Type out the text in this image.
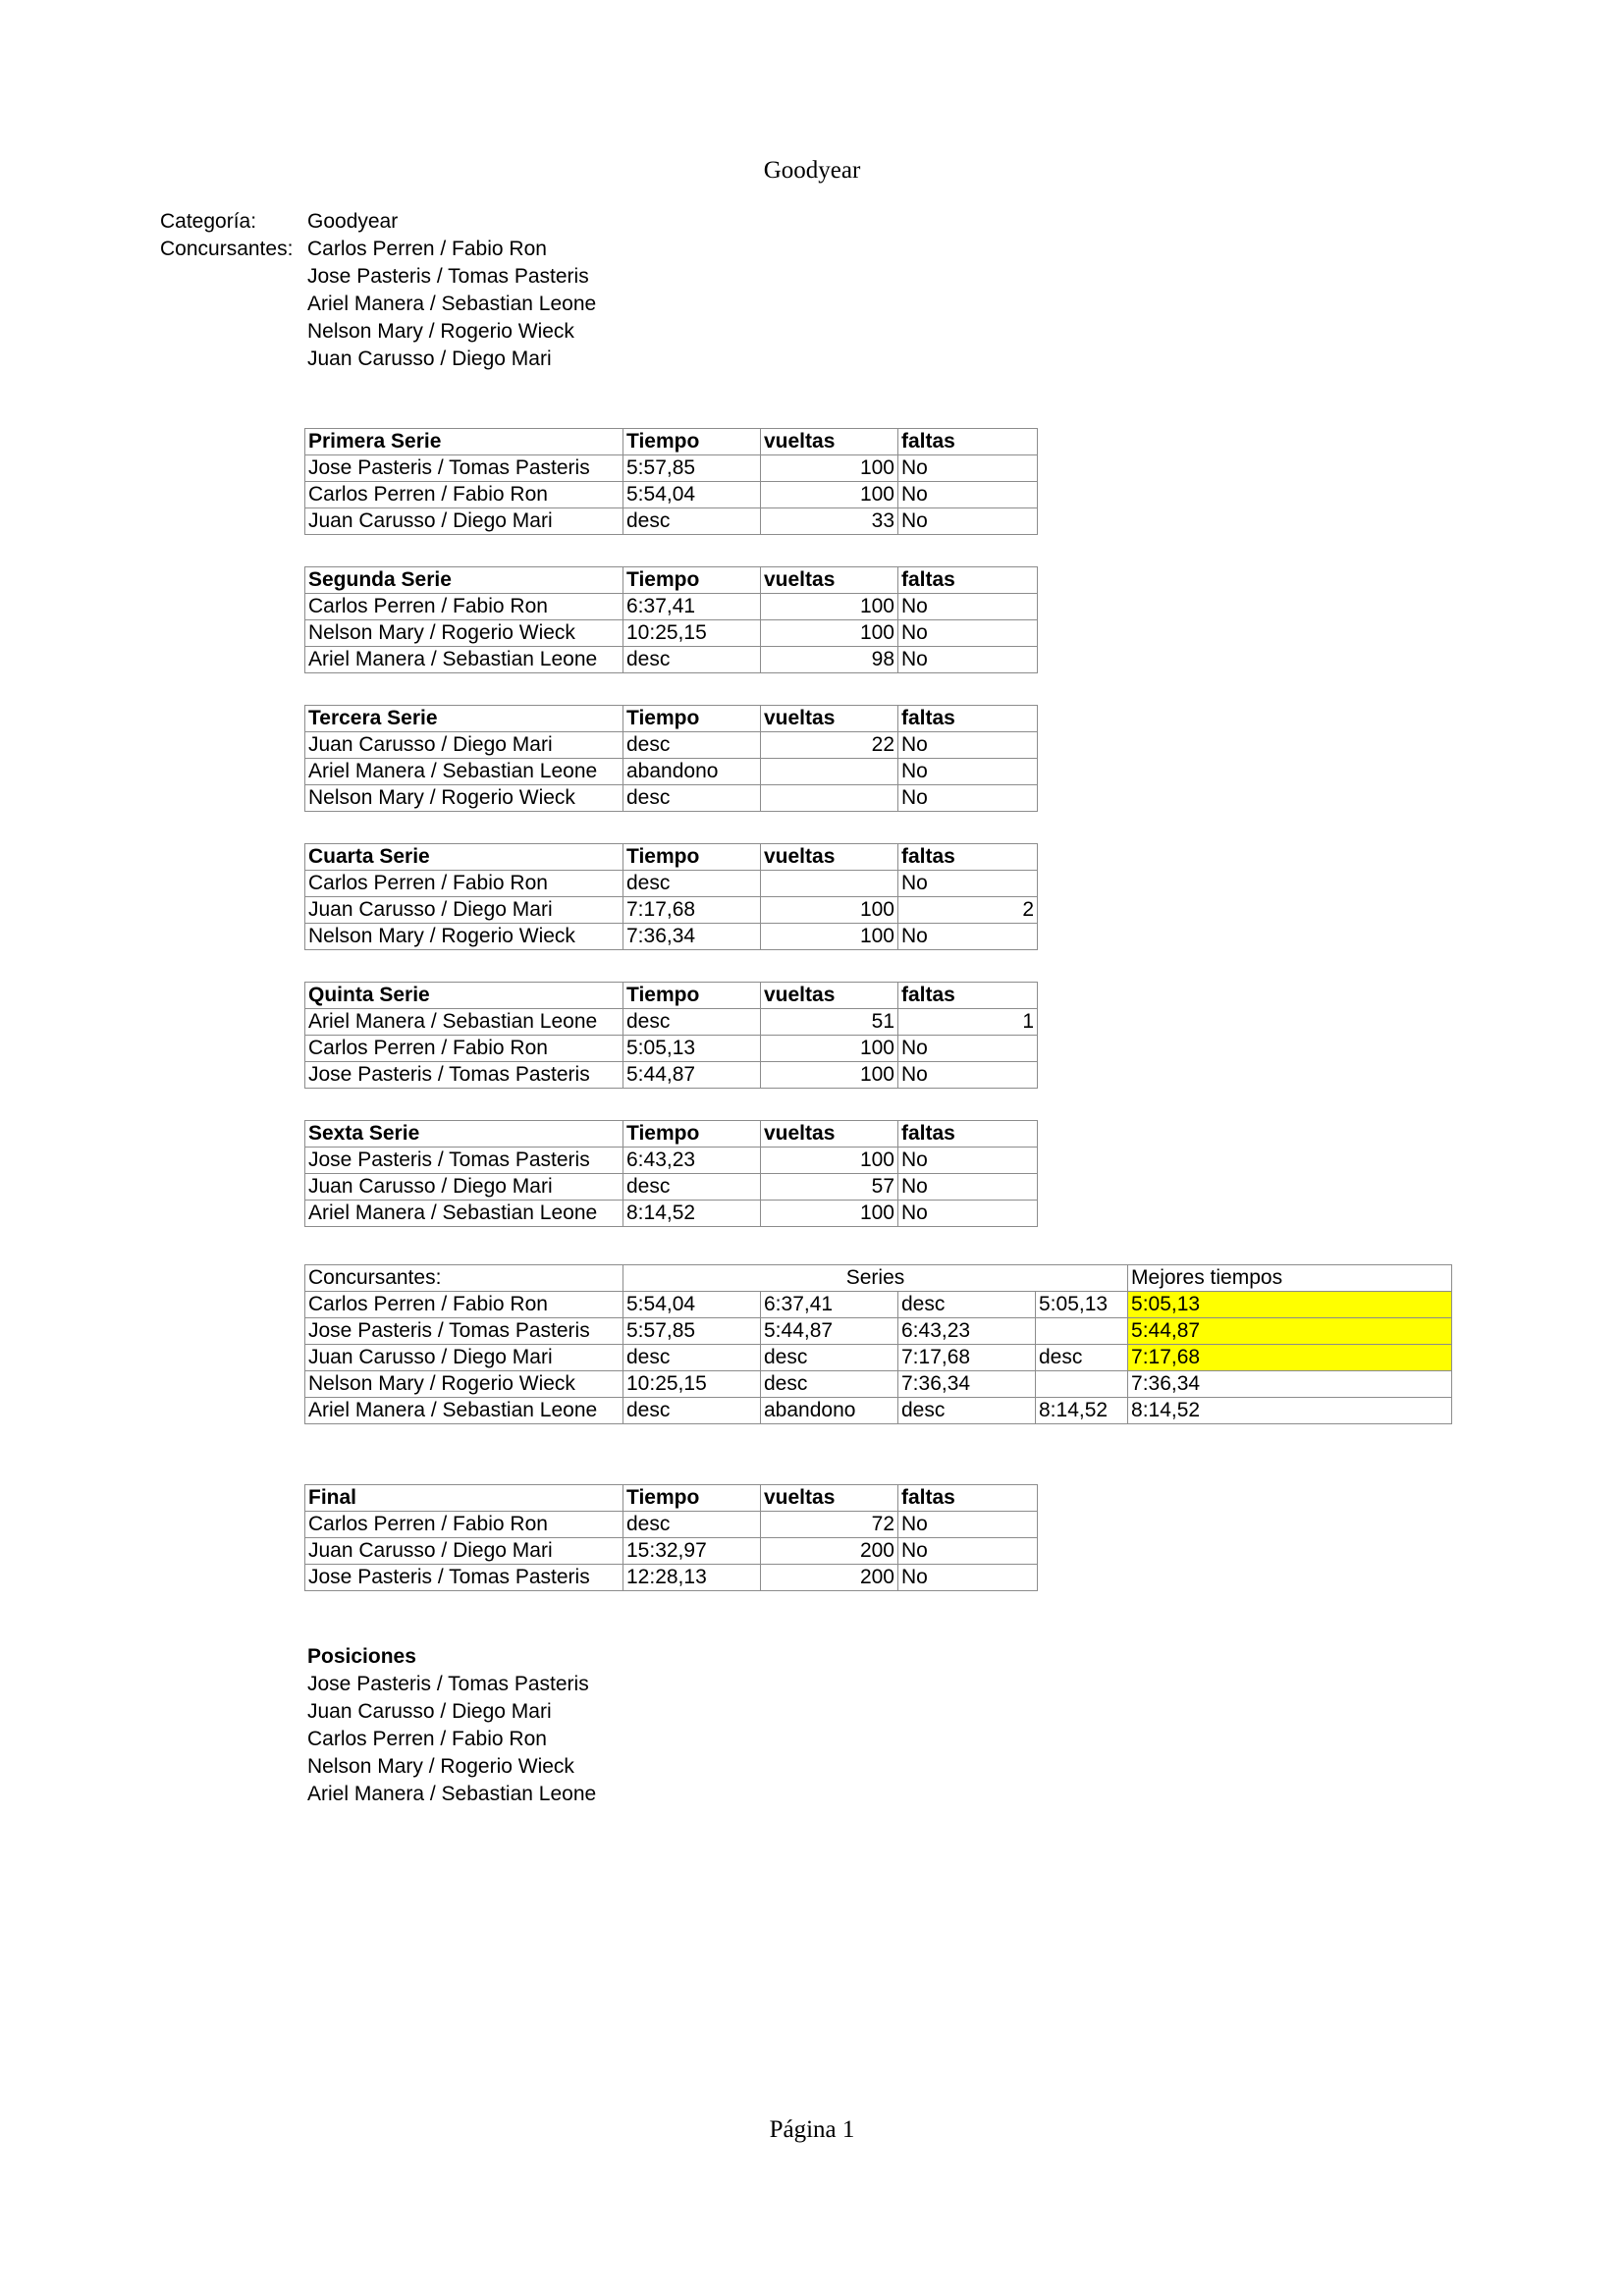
Goodyear
Categoría:	Goodyear
Concursantes: Carlos Perren / Fabio Ron
Jose Pasteris / Tomas Pasteris
Ariel Manera / Sebastian Leone
Nelson Mary / Rogerio Wieck
Juan Carusso / Diego Mari
Primera Serie	Tiempo	vueltas	faltas
Jose Pasteris / Tomas Pasteris	5:57,85	100	No
Carlos Perren / Fabio Ron	5:54,04	100	No
Juan Carusso / Diego Mari	desc	33	No
Segunda Serie	Tiempo	vueltas	faltas
Carlos Perren / Fabio Ron	6:37,41	100	No
Nelson Mary / Rogerio Wieck	10:25,15	100	No
Ariel Manera / Sebastian Leone	desc	98	No
Tercera Serie	Tiempo	vueltas	faltas
Juan Carusso / Diego Mari	desc	22	No
Ariel Manera / Sebastian Leone	abandono		No
Nelson Mary / Rogerio Wieck	desc		No
Cuarta Serie	Tiempo	vueltas	faltas
Carlos Perren / Fabio Ron	desc		No
Juan Carusso / Diego Mari	7:17,68	100	2
Nelson Mary / Rogerio Wieck	7:36,34	100	No
Quinta Serie	Tiempo	vueltas	faltas
Ariel Manera / Sebastian Leone	desc	51	1
Carlos Perren / Fabio Ron	5:05,13	100	No
Jose Pasteris / Tomas Pasteris	5:44,87	100	No
Sexta Serie	Tiempo	vueltas	faltas
Jose Pasteris / Tomas Pasteris	6:43,23	100	No
Juan Carusso / Diego Mari	desc	57	No
Ariel Manera / Sebastian Leone	8:14,52	100	No
Concursantes:	Series				Mejores tiempos
Carlos Perren / Fabio Ron	5:54,04	6:37,41	desc	5:05,13	5:05,13
Jose Pasteris / Tomas Pasteris	5:57,85	5:44,87	6:43,23		5:44,87
Juan Carusso / Diego Mari	desc	desc	7:17,68	desc	7:17,68
Nelson Mary / Rogerio Wieck	10:25,15	desc	7:36,34		7:36,34
Ariel Manera / Sebastian Leone	desc	abandono	desc	8:14,52	8:14,52
Final	Tiempo	vueltas	faltas
Carlos Perren / Fabio Ron	desc	72	No
Juan Carusso / Diego Mari	15:32,97	200	No
Jose Pasteris / Tomas Pasteris	12:28,13	200	No
Posiciones
Jose Pasteris / Tomas Pasteris
Juan Carusso / Diego Mari
Carlos Perren / Fabio Ron
Nelson Mary / Rogerio Wieck
Ariel Manera / Sebastian Leone
Página 1
